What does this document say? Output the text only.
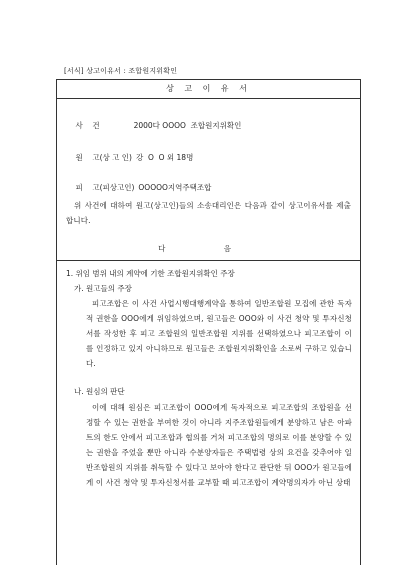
[서식] 상고이유서 : 조합원지위확인
상 고 이 유 서

사    건	2000다 OOOO  조합원지위확인

원    고(상 고 인) 강  O  O 외 18명

피    고(피상고인) OOOOO지역주택조합

위 사건에 대하여 원고(상고인)들의 소송대리인은 다음과 같이 상고이유서를 제출합니다.
다 음
1. 위임 범위 내의 계약에 기한 조합원지위확인 주장
가. 원고들의 주장
피고조합은 이 사건 사업시행대행계약을 통하여 일반조합원 모집에 관한 독자적 권한을 OOO에게 위임하였으며, 원고들은 OOO와 이 사건 청약 및 투자신청서를 작성한 후 피고 조합원의 일반조합원 지위를 선택하였으나 피고조합이 이를 인정하고 있지 아니하므로 원고들은 조합원지위확인을 소로써 구하고 있습니다.
나. 원심의 판단
이에 대해 원심은 피고조합이 OOO에게 독자적으로 피고조합의 조합원을 선정할 수 있는 권한을 부여한 것이 아니라 지주조합원들에게 분양하고 남은 아파트의 한도 안에서 피고조합과 협의를 거쳐 피고조합의 명의로 이를 분양할 수 있는 권한을 주었을 뿐만 아니라 수분양자들은 주택법령 상의 요건을 갖추어야 일반조합원의 지위를 취득할 수 있다고 보아야 한다고 판단한 뒤 OOO가 원고들에게 이 사건 청약 및 투자신청서를 교부할 때 피고조합이 계약명의자가 아닌 상태
